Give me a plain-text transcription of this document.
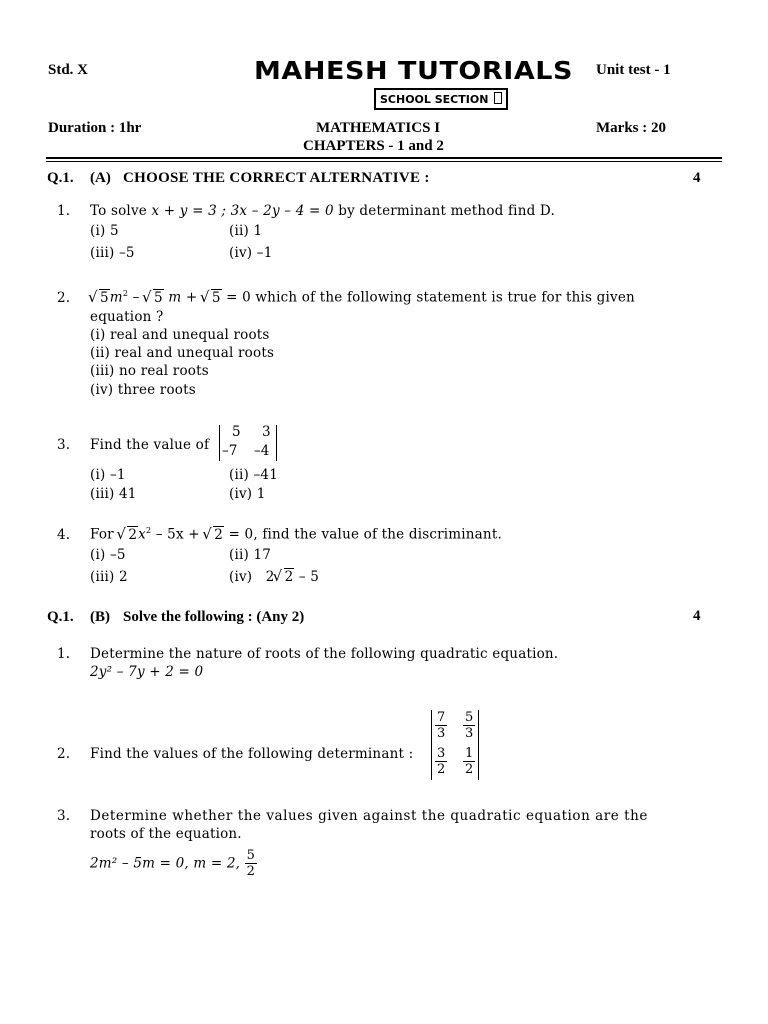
Std. X	MAHESH TUTORIALS
SCHOOL SECTION
Unit test - 1
Duration : 1hr	MATHEMATICS I
CHAPTERS - 1 and 2
Marks : 20
Q.1. (A) CHOOSE THE CORRECT ALTERNATIVE :	4
1. To solve x + y = 3 ; 3x – 2y – 4 = 0 by determinant method find D.
(i) 5	(ii) 1
(iii) –5	(iv) –1
2.	√ $5m^2$ – √ 5 m + √ 5 = 0 which of the following statement is true for this given
equation ?
(i) real and unequal roots
(ii) real and unequal roots
(iii) no real roots
(iv) three roots
3. Find the value of
5 3
–7 –4
(i) –1	(ii) –41
(iii) 41	(iv) 1
4. For √ $2x^2 - 5x$ + √ 2 = 0, find the value of the discriminant.
(i) –5	(ii) 17
(iii) 2	(iv) 2 √ 2 – 5
Q.1. (B) Solve the following : (Any 2)	4
1. Determine the nature of roots of the following quadratic equation.
2y² – 7y + 2 = 0
2. Find the values of the following determinant :
$\frac{7}{3} \frac{5}{3}$
$\frac{3}{2} \frac{1}{2}$
3. Determine whether the values given against the quadratic equation are the
roots of the equation.
2m² – 5m = 0, m = 2, $\frac{5}{2}$
